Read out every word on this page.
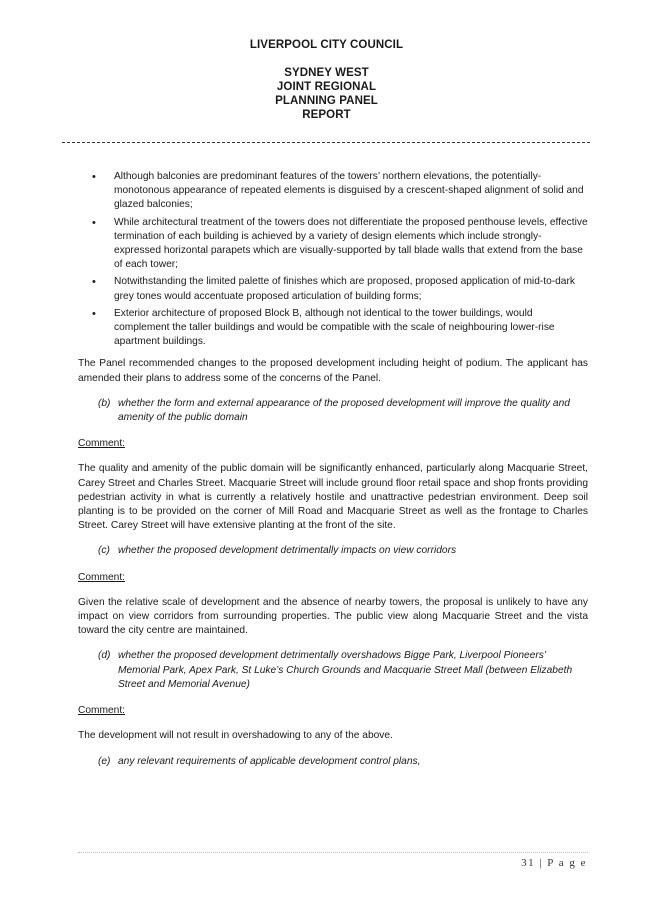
LIVERPOOL CITY COUNCIL
SYDNEY WEST
JOINT REGIONAL
PLANNING PANEL
REPORT
• Although balconies are predominant features of the towers’ northern elevations, the potentially-monotonous appearance of repeated elements is disguised by a crescent-shaped alignment of solid and glazed balconies;
• While architectural treatment of the towers does not differentiate the proposed penthouse levels, effective termination of each building is achieved by a variety of design elements which include strongly-expressed horizontal parapets which are visually-supported by tall blade walls that extend from the base of each tower;
• Notwithstanding the limited palette of finishes which are proposed, proposed application of mid-to-dark grey tones would accentuate proposed articulation of building forms;
• Exterior architecture of proposed Block B, although not identical to the tower buildings, would complement the taller buildings and would be compatible with the scale of neighbouring lower-rise apartment buildings.

The Panel recommended changes to the proposed development including height of podium. The applicant has amended their plans to address some of the concerns of the Panel.

(b) whether the form and external appearance of the proposed development will improve the quality and amenity of the public domain

Comment:

The quality and amenity of the public domain will be significantly enhanced, particularly along Macquarie Street, Carey Street and Charles Street. Macquarie Street will include ground floor retail space and shop fronts providing pedestrian activity in what is currently a relatively hostile and unattractive pedestrian environment. Deep soil planting is to be provided on the corner of Mill Road and Macquarie Street as well as the frontage to Charles Street. Carey Street will have extensive planting at the front of the site.

(c) whether the proposed development detrimentally impacts on view corridors

Comment:

Given the relative scale of development and the absence of nearby towers, the proposal is unlikely to have any impact on view corridors from surrounding properties. The public view along Macquarie Street and the vista toward the city centre are maintained.

(d) whether the proposed development detrimentally overshadows Bigge Park, Liverpool Pioneers’ Memorial Park, Apex Park, St Luke’s Church Grounds and Macquarie Street Mall (between Elizabeth Street and Memorial Avenue)

Comment:

The development will not result in overshadowing to any of the above.

(e) any relevant requirements of applicable development control plans,

31 | P a g e
